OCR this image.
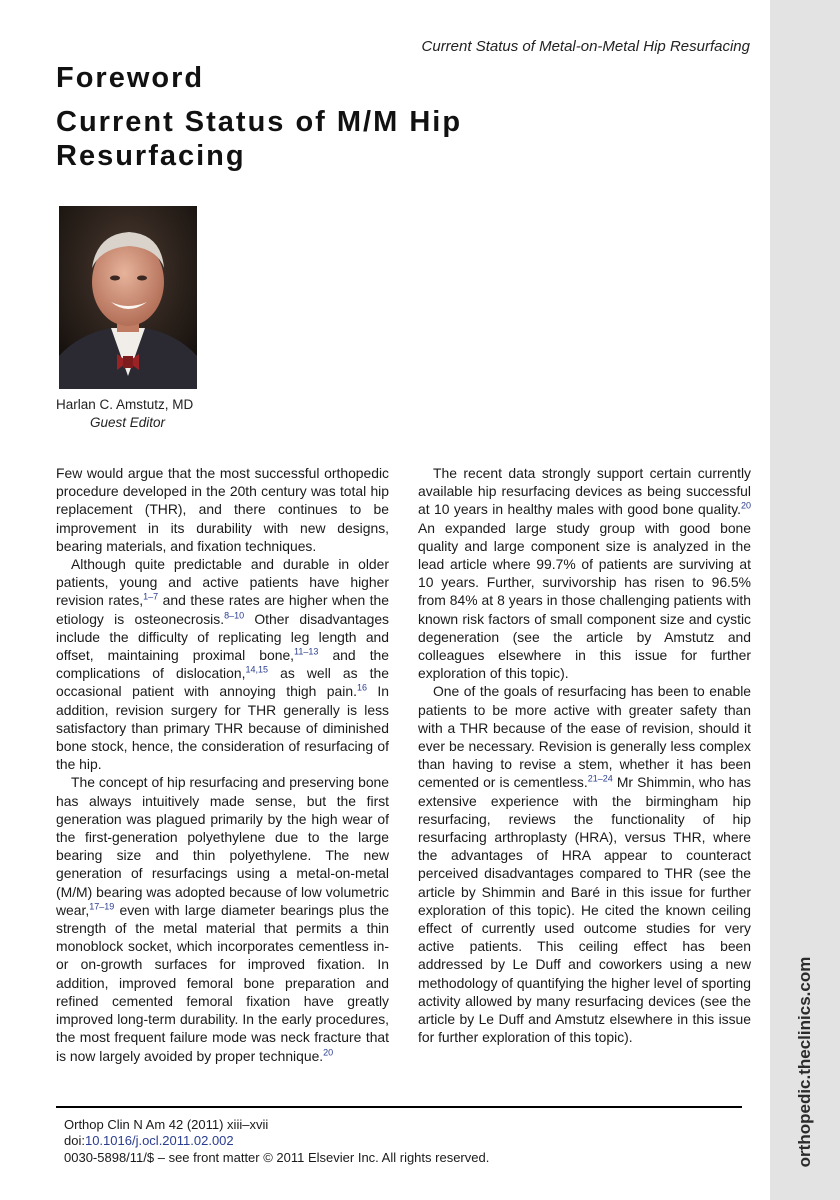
Current Status of Metal-on-Metal Hip Resurfacing
orthopedic.theclinics.com
Foreword
Current Status of M/M Hip Resurfacing
Harlan C. Amstutz, MD
Guest Editor

Few would argue that the most successful orthopedic procedure developed in the 20th century was total hip replacement (THR), and there continues to be improvement in its durability with new designs, bearing materials, and fixation techniques.

Although quite predictable and durable in older patients, young and active patients have higher revision rates,$^{1-7}$ and these rates are higher when the etiology is osteonecrosis.$^{8-10}$ Other disadvantages include the difficulty of replicating leg length and offset, maintaining proximal bone,$^{11-13}$ and the complications of dislocation,$^{14,15}$ as well as the occasional patient with annoying thigh pain.$^{16}$ In addition, revision surgery for THR generally is less satisfactory than primary THR because of diminished bone stock, hence, the consideration of resurfacing of the hip.

The concept of hip resurfacing and preserving bone has always intuitively made sense, but the first generation was plagued primarily by the high wear of the first-generation polyethylene due to the large bearing size and thin polyethylene. The new generation of resurfacings using a metal-on-metal (M/M) bearing was adopted because of low volumetric wear,$^{17-19}$ even with large diameter bearings plus the strength of the metal material that permits a thin monoblock socket, which incorporates cementless in- or on-growth surfaces for improved fixation. In addition, improved femoral bone preparation and refined cemented femoral fixation have greatly improved long-term durability. In the early procedures, the most frequent failure mode was neck fracture that is now largely avoided by proper technique.$^{20}$

The recent data strongly support certain currently available hip resurfacing devices as being successful at 10 years in healthy males with good bone quality.$^{20}$ An expanded large study group with good bone quality and large component size is analyzed in the lead article where 99.7% of patients are surviving at 10 years. Further, survivorship has risen to 96.5% from 84% at 8 years in those challenging patients with known risk factors of small component size and cystic degeneration (see the article by Amstutz and colleagues elsewhere in this issue for further exploration of this topic).

One of the goals of resurfacing has been to enable patients to be more active with greater safety than with a THR because of the ease of revision, should it ever be necessary. Revision is generally less complex than having to revise a stem, whether it has been cemented or is cementless.$^{21-24}$ Mr Shimmin, who has extensive experience with the birmingham hip resurfacing, reviews the functionality of hip resurfacing arthroplasty (HRA), versus THR, where the advantages of HRA appear to counteract perceived disadvantages compared to THR (see the article by Shimmin and Baré in this issue for further exploration of this topic). He cited the known ceiling effect of currently used outcome studies for very active patients. This ceiling effect has been addressed by Le Duff and coworkers using a new methodology of quantifying the higher level of sporting activity allowed by many resurfacing devices (see the article by Le Duff and Amstutz elsewhere in this issue for further exploration of this topic).

Orthop Clin N Am 42 (2011) xiii–xvii
doi:10.1016/j.ocl.2011.02.002
0030-5898/11/$ – see front matter © 2011 Elsevier Inc. All rights reserved.
